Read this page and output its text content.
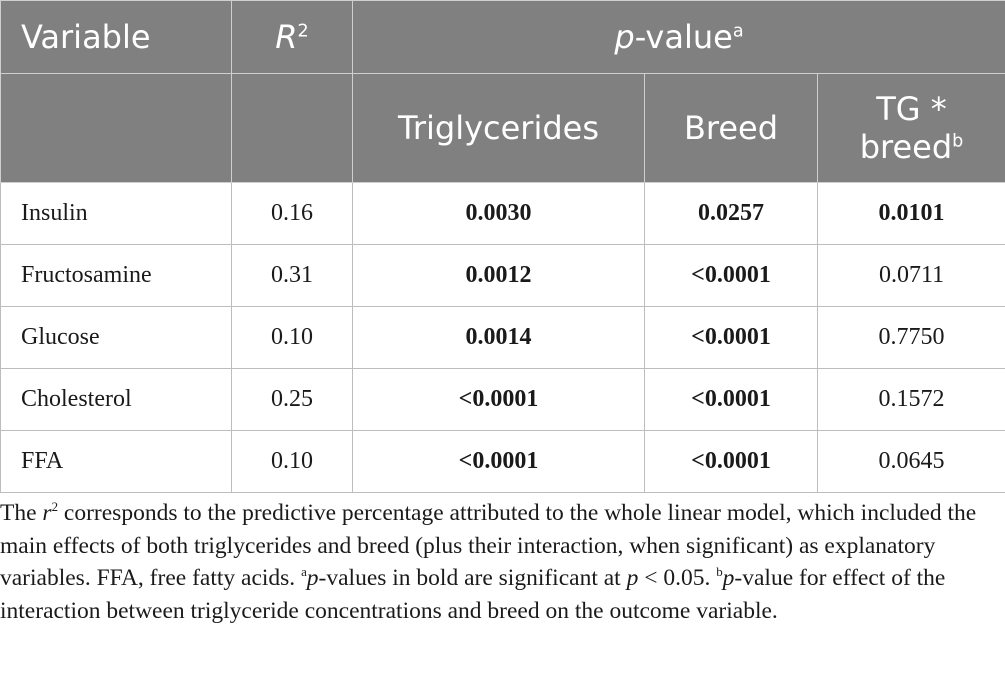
Variable	$R^2$	p-value$^a$
		Triglycerides	Breed	TG *
breed$^b$
Insulin	0.16	0.0030	0.0257	0.0101
Fructosamine	0.31	0.0012	<0.0001	0.0711
Glucose	0.10	0.0014	<0.0001	0.7750
Cholesterol	0.25	<0.0001	<0.0001	0.1572
FFA	0.10	<0.0001	<0.0001	0.0645

The $r^2$ corresponds to the predictive percentage attributed to the whole linear model, which included the main effects of both triglycerides and breed (plus their interaction, when significant) as explanatory variables. FFA, free fatty acids. $^a$p-values in bold are significant at p < 0.05. $^b$p-value for effect of the interaction between triglyceride concentrations and breed on the outcome variable.
